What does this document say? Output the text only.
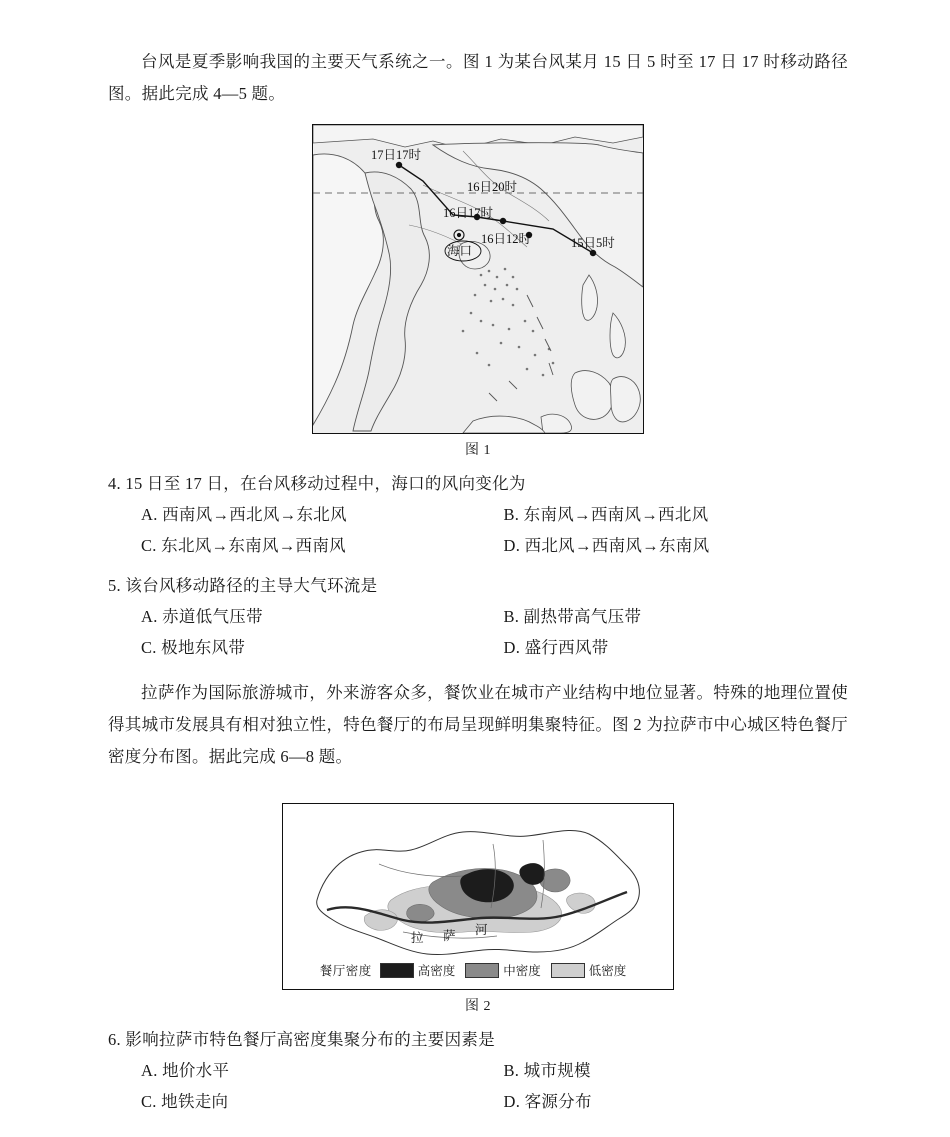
台风是夏季影响我国的主要天气系统之一。图 1 为某台风某月 15 日 5 时至 17 日 17 时移动路径图。据此完成 4—5 题。

17日17时
16日20时
16日17时
16日12时	15日5时
海口
图 1

4. 15 日至 17 日，在台风移动过程中，海口的风向变化为

A. 西南风→西北风→东北风	B. 东南风→西南风→西北风
C. 东北风→东南风→西南风	D. 西北风→西南风→东南风

5. 该台风移动路径的主导大气环流是

A. 赤道低气压带	B. 副热带高气压带
C. 极地东风带	D. 盛行西风带

拉萨作为国际旅游城市，外来游客众多，餐饮业在城市产业结构中地位显著。特殊的地理位置使得其城市发展具有相对独立性，特色餐厅的布局呈现鲜明集聚特征。图 2 为拉萨市中心城区特色餐厅密度分布图。据此完成 6—8 题。

拉 萨 河
餐厅密度	高密度	中密度	低密度
图 2

6. 影响拉萨市特色餐厅高密度集聚分布的主要因素是

A. 地价水平	B. 城市规模
C. 地铁走向	D. 客源分布
